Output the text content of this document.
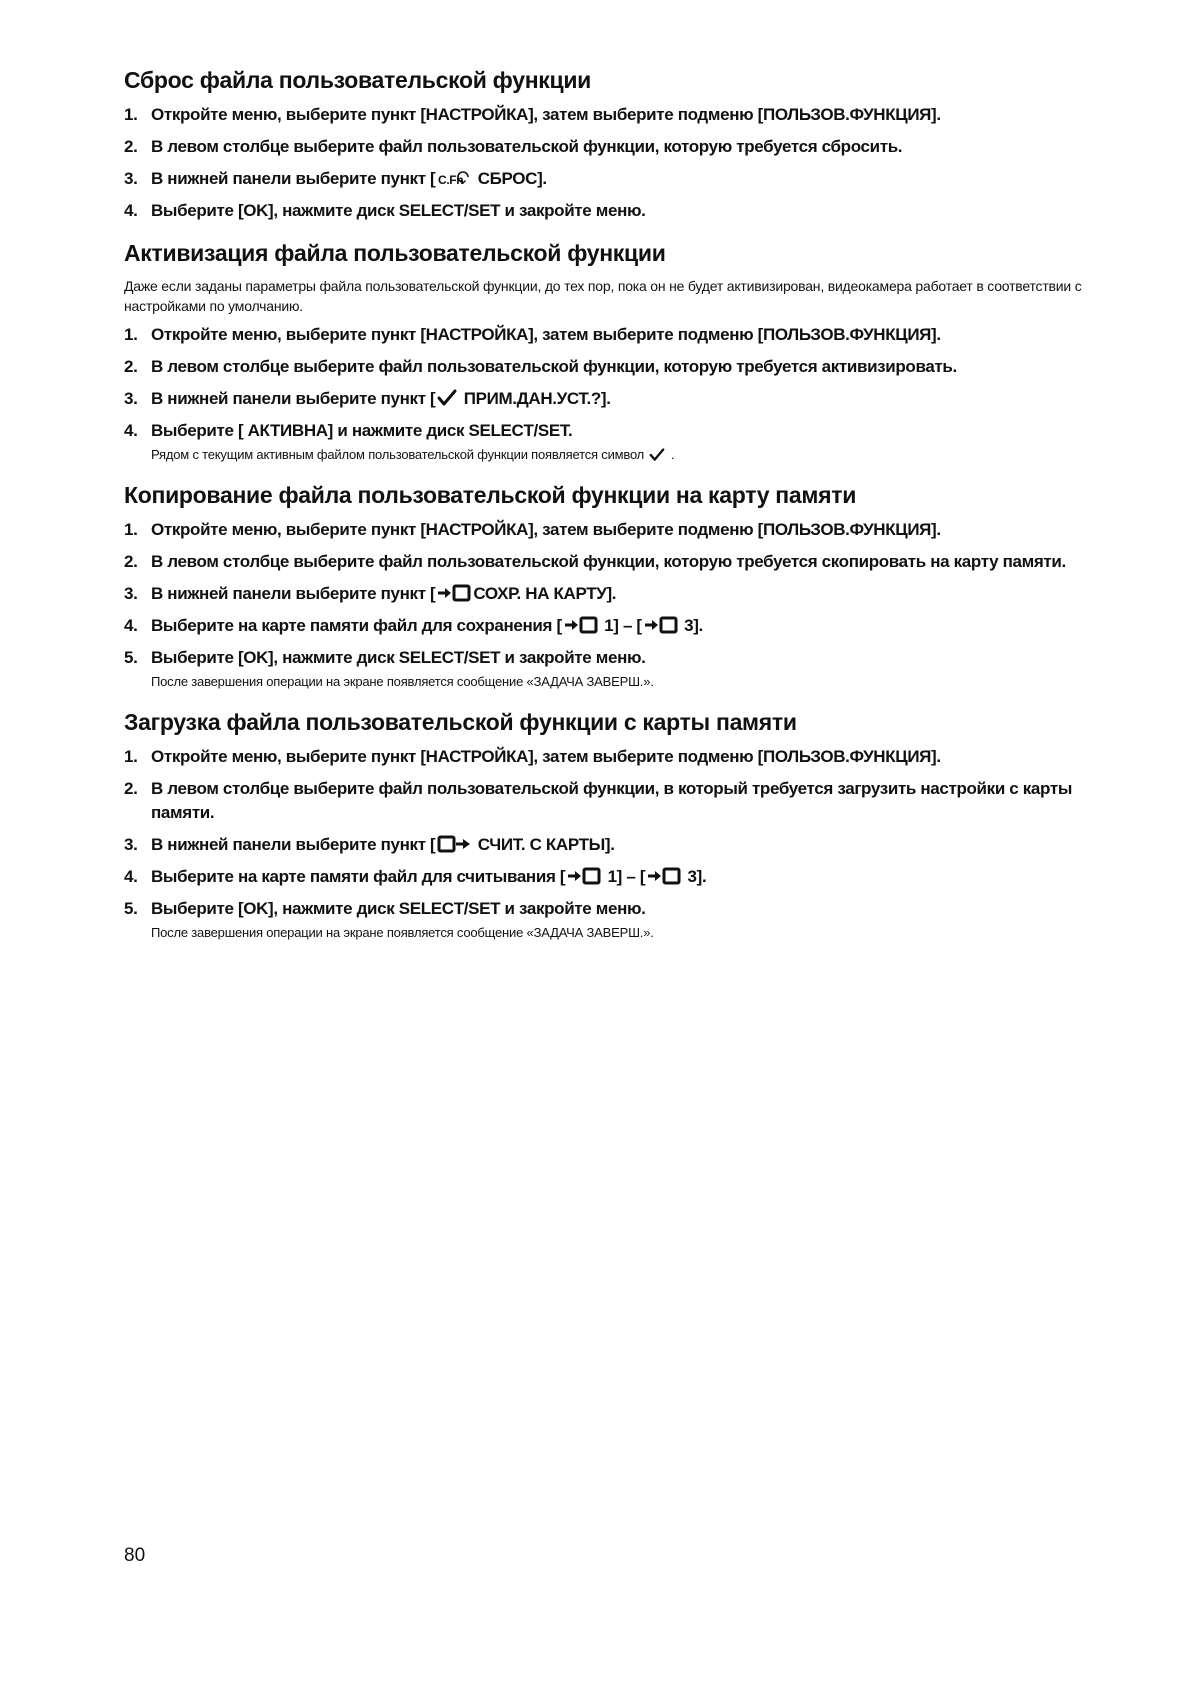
Сброс файла пользовательской функции
1. Откройте меню, выберите пункт [НАСТРОЙКА], затем выберите подменю [ПОЛЬЗОВ.ФУНКЦИЯ].
2. В левом столбце выберите файл пользовательской функции, которую требуется сбросить.
3. В нижней панели выберите пункт [ C.Fn СБРОС].
4. Выберите [OK], нажмите диск SELECT/SET и закройте меню.
Активизация файла пользовательской функции

Даже если заданы параметры файла пользовательской функции, до тех пор, пока он не будет активизирован, видеокамера работает в соответствии с настройками по умолчанию.

1. Откройте меню, выберите пункт [НАСТРОЙКА], затем выберите подменю [ПОЛЬЗОВ.ФУНКЦИЯ].
2. В левом столбце выберите файл пользовательской функции, которую требуется активизировать.
3. В нижней панели выберите пункт [
ПРИМ.ДАН.УСТ.?].
4. Выберите [ АКТИВНА] и нажмите диск SELECT/SET.
Рядом с текущим активным файлом пользовательской функции появляется символ
.
Копирование файла пользовательской функции на карту памяти
1. Откройте меню, выберите пункт [НАСТРОЙКА], затем выберите подменю [ПОЛЬЗОВ.ФУНКЦИЯ].
2. В левом столбце выберите файл пользовательской функции, которую требуется скопировать на карту памяти.
3. В нижней панели выберите пункт [ СОХР. НА КАРТУ].
4. Выберите на карте памяти файл для сохранения [
1] – [
3].
5. Выберите [OK], нажмите диск SELECT/SET и закройте меню.
После завершения операции на экране появляется сообщение «ЗАДАЧА ЗАВЕРШ.».
Загрузка файла пользовательской функции с карты памяти
1. Откройте меню, выберите пункт [НАСТРОЙКА], затем выберите подменю [ПОЛЬЗОВ.ФУНКЦИЯ].
2. В левом столбце выберите файл пользовательской функции, в который требуется загрузить настройки с карты памяти.
3. В нижней панели выберите пункт [
СЧИТ. С КАРТЫ].
4. Выберите на карте памяти файл для считывания [
1] – [
3].
5. Выберите [OK], нажмите диск SELECT/SET и закройте меню.
После завершения операции на экране появляется сообщение «ЗАДАЧА ЗАВЕРШ.».
80
